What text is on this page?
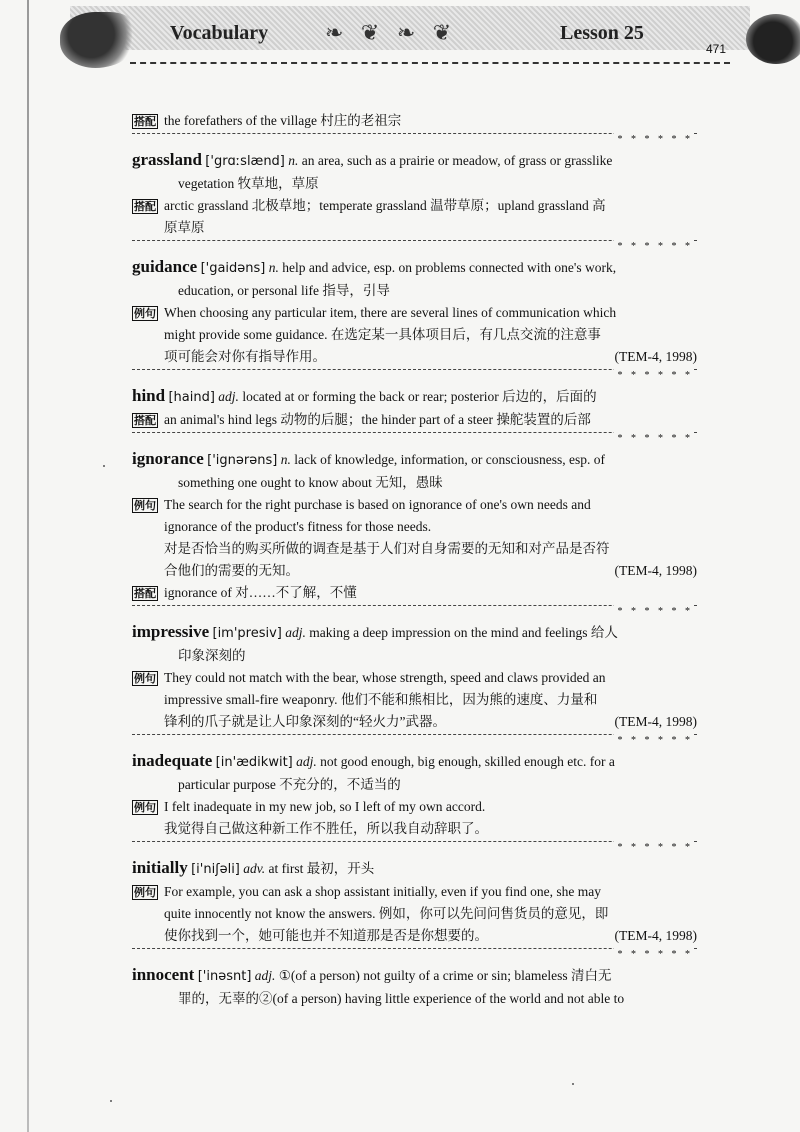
Vocabulary	❧ ❦ ❧ ❦	Lesson 25
471
搭配 the forefathers of the village 村庄的老祖宗
* * * * * *
grassland ['grɑːslænd] n. an area, such as a prairie or meadow, of grass or grasslike
vegetation 牧草地，草原
搭配 arctic grassland 北极草地；temperate grassland 温带草原；upland grassland 高
原草原
* * * * * *
guidance ['gaidəns] n. help and advice, esp. on problems connected with one's work,
education, or personal life 指导，引导
例句 When choosing any particular item, there are several lines of communication which
might provide some guidance. 在选定某一具体项目后，有几点交流的注意事
项可能会对你有指导作用。	(TEM-4, 1998)
* * * * * *
hind [haind] adj. located at or forming the back or rear; posterior 后边的，后面的
搭配 an animal's hind legs 动物的后腿；the hinder part of a steer 操舵装置的后部
* * * * * *
ignorance ['ignərəns] n. lack of knowledge, information, or consciousness, esp. of
something one ought to know about 无知，愚昧
例句 The search for the right purchase is based on ignorance of one's own needs and
ignorance of the product's fitness for those needs.
对是否恰当的购买所做的调查是基于人们对自身需要的无知和对产品是否符
合他们的需要的无知。	(TEM-4, 1998)
搭配 ignorance of 对……不了解，不懂
* * * * * *
impressive [im'presiv] adj. making a deep impression on the mind and feelings 给人
印象深刻的
例句 They could not match with the bear, whose strength, speed and claws provided an
impressive small-fire weaponry. 他们不能和熊相比，因为熊的速度、力量和
锋利的爪子就是让人印象深刻的“轻火力”武器。	(TEM-4, 1998)
* * * * * *
inadequate [in'ædikwit] adj. not good enough, big enough, skilled enough etc. for a
particular purpose 不充分的，不适当的
例句 I felt inadequate in my new job, so I left of my own accord.
我觉得自己做这种新工作不胜任，所以我自动辞职了。
* * * * * *
initially [i'niʃəli] adv. at first 最初，开头
例句 For example, you can ask a shop assistant initially, even if you find one, she may
quite innocently not know the answers. 例如，你可以先问问售货员的意见，即
使你找到一个，她可能也并不知道那是否是你想要的。	(TEM-4, 1998)
* * * * * *
innocent ['inəsnt] adj. ①(of a person) not guilty of a crime or sin; blameless 清白无
罪的，无辜的②(of a person) having little experience of the world and not able to
